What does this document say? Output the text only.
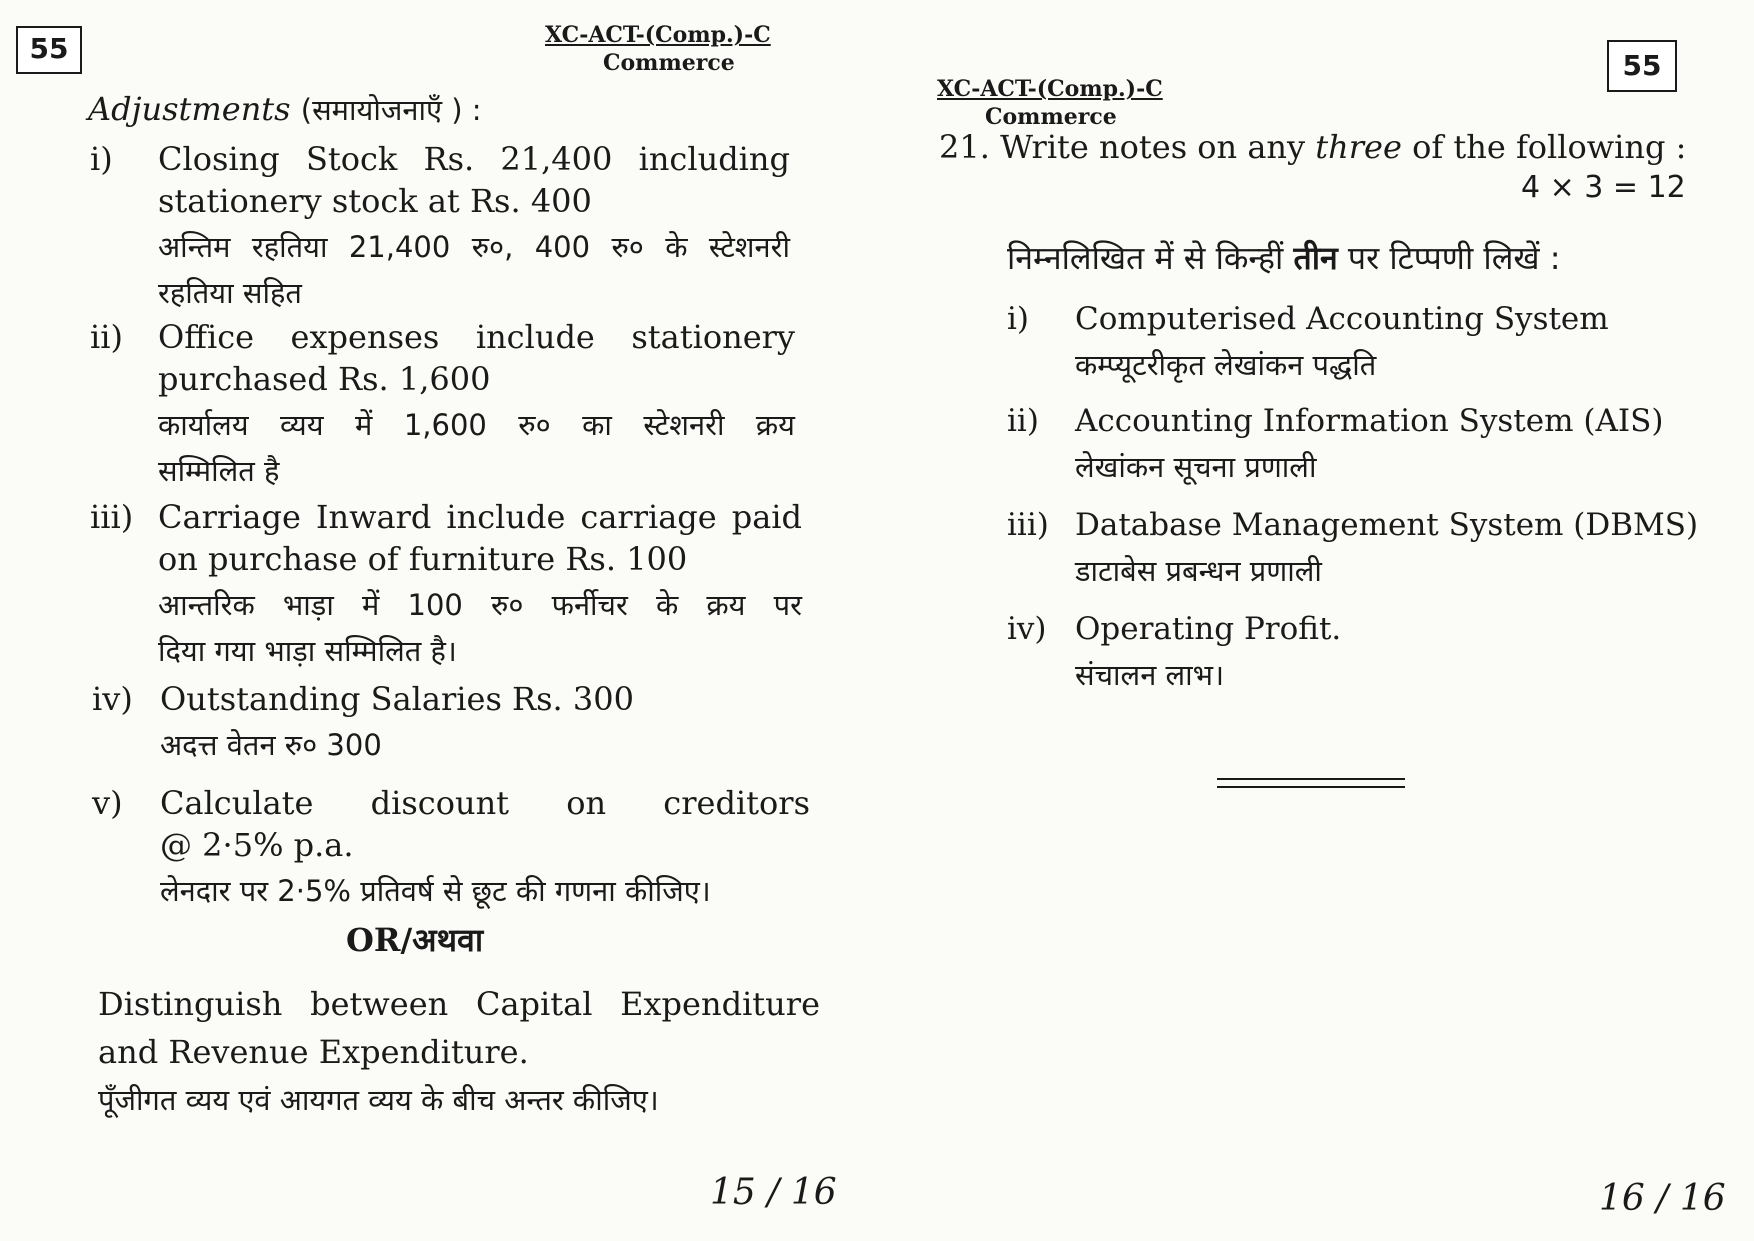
55	XC-ACT-(Comp.)-C
Commerce
Adjustments (समायोजनाएँ ) :
i) Closing Stock Rs. 21,400 including
stationery stock at Rs. 400
अन्तिम रहतिया 21,400 रु०, 400 रु० के स्टेशनरी
रहतिया सहित
ii) Office expenses include stationery
purchased Rs. 1,600
कार्यालय व्यय में 1,600 रु० का स्टेशनरी क्रय
सम्मिलित है
iii) Carriage Inward include carriage paid
on purchase of furniture Rs. 100
आन्तरिक भाड़ा में 100 रु० फर्नीचर के क्रय पर
दिया गया भाड़ा सम्मिलित है।
iv) Outstanding Salaries Rs. 300
अदत्त वेतन रु० 300
v) Calculate discount on creditors
@ 2·5% p.a.
लेनदार पर 2·5% प्रतिवर्ष से छूट की गणना कीजिए।
OR/अथवा
Distinguish between Capital Expenditure
and Revenue Expenditure.
पूँजीगत व्यय एवं आयगत व्यय के बीच अन्तर कीजिए।
15 / 16
55
XC-ACT-(Comp.)-C
Commerce
21. Write notes on any three of the following :
4 × 3 = 12
निम्नलिखित में से किन्हीं तीन पर टिप्पणी लिखें :
i) Computerised Accounting System
कम्प्यूटरीकृत लेखांकन पद्धति
ii) Accounting Information System (AIS)
लेखांकन सूचना प्रणाली
iii) Database Management System (DBMS)
डाटाबेस प्रबन्धन प्रणाली
iv) Operating Profit.
संचालन लाभ।
16 / 16
